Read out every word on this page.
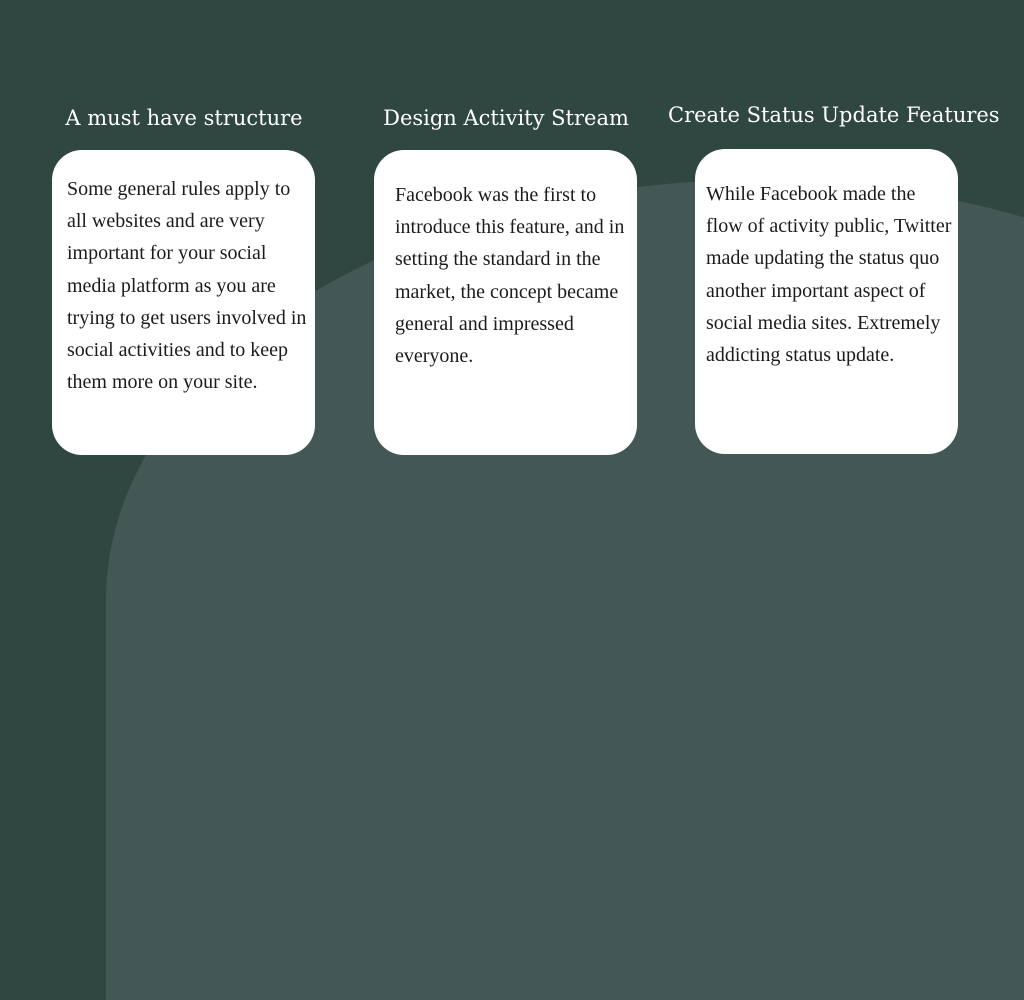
A must have structure

Some general rules apply to all websites and are very important for your social media platform as you are trying to get users involved in social activities and to keep them more on your site.

Design Activity Stream

Facebook was the first to introduce this feature, and in setting the standard in the market, the concept became general and impressed everyone.

Create Status Update Features

While Facebook made the flow of activity public, Twitter made updating the status quo another important aspect of social media sites. Extremely addicting status update.
